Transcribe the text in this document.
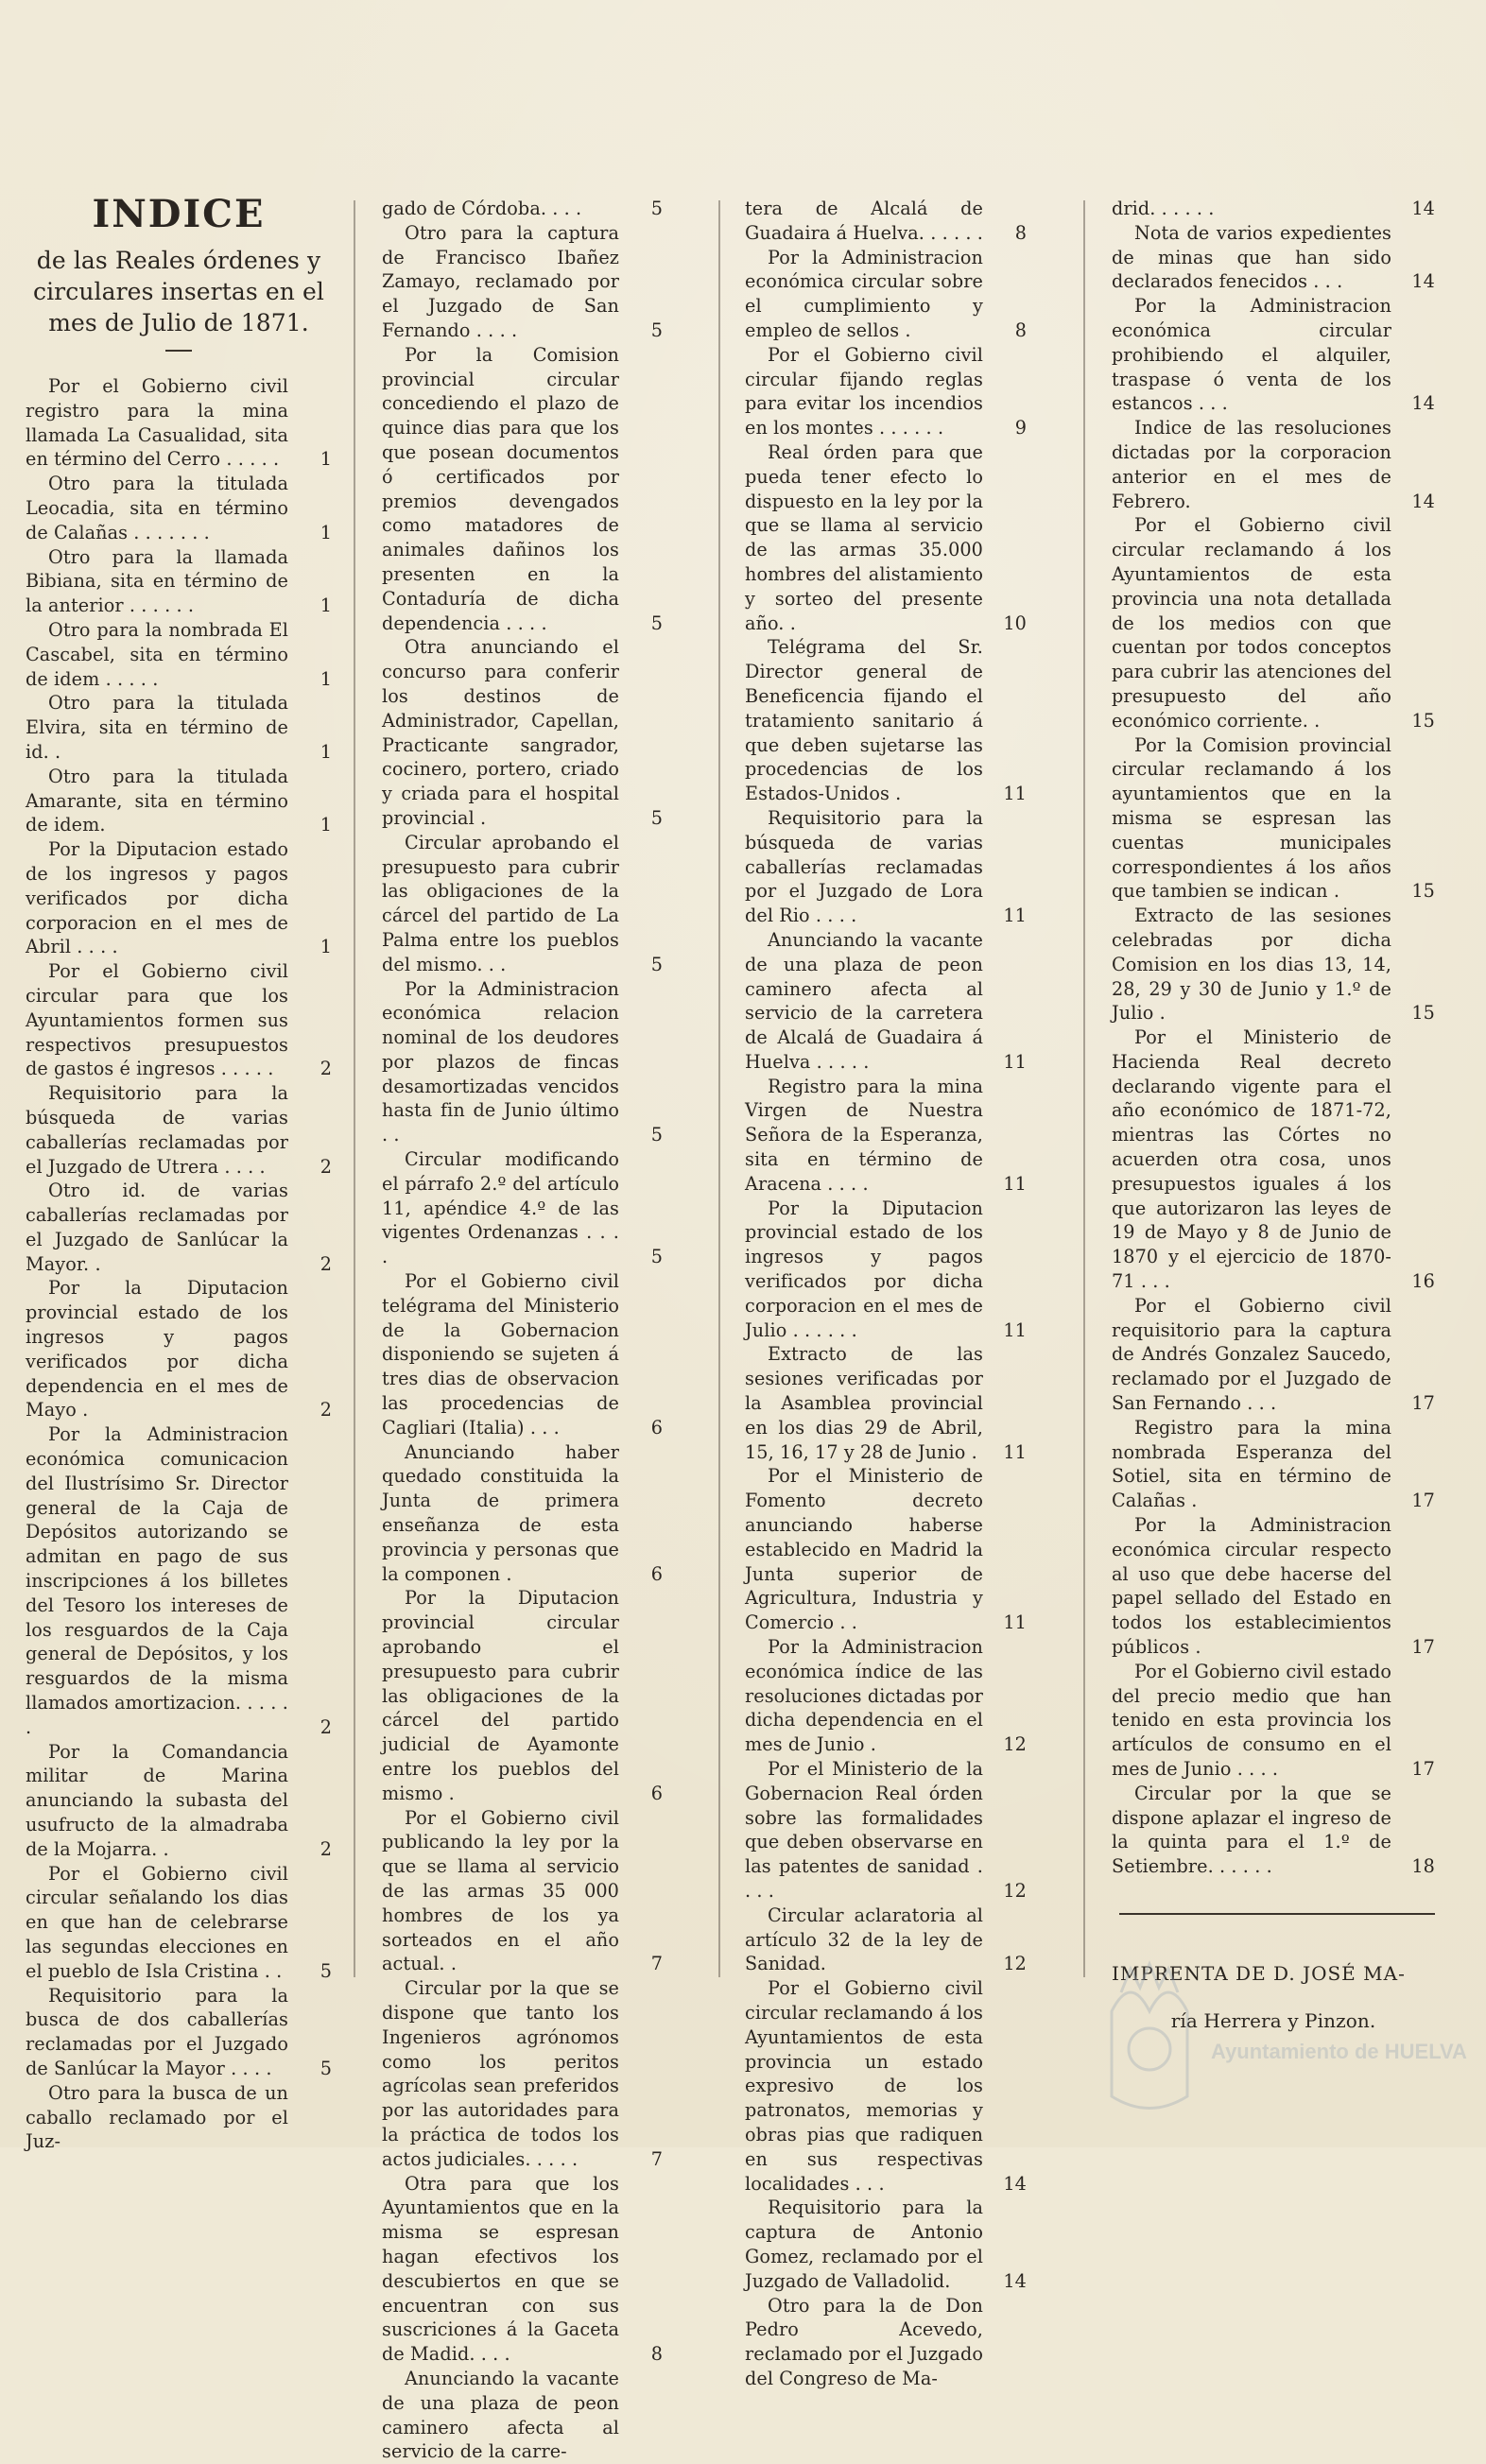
INDICE

de las Reales órdenes y circulares insertas en el mes de Julio de 1871.

Por el Gobierno civil registro para la mina llamada La Casualidad, sita en término del Cerro . . . . .	1

Otro para la titulada Leocadia, sita en término de Calañas . . . . . . .	1

Otro para la llamada Bibiana, sita en término de la anterior . . . . . .	1

Otro para la nombrada El Cascabel, sita en término de idem . . . . .	1

Otro para la titulada Elvira, sita en término de id. .	1

Otro para la titulada Amarante, sita en término de idem.	1

Por la Diputacion estado de los ingresos y pagos verificados por dicha corporacion en el mes de Abril . . . .	1

Por el Gobierno civil circular para que los Ayuntamientos formen sus respectivos presupuestos de gastos é ingresos . . . . .	2

Requisitorio para la búsqueda de varias caballerías reclamadas por el Juzgado de Utrera . . . .	2

Otro id. de varias caballerías reclamadas por el Juzgado de Sanlúcar la Mayor. .	2

Por la Diputacion provincial estado de los ingresos y pagos verificados por dicha dependencia en el mes de Mayo .	2

Por la Administracion económica comunicacion del Ilustrísimo Sr. Director general de la Caja de Depósitos autorizando se admitan en pago de sus inscripciones á los billetes del Tesoro los intereses de los resguardos de la Caja general de Depósitos, y los resguardos de la misma llamados amortizacion. . . . . .	2

Por la Comandancia militar de Marina anunciando la subasta del usufructo de la almadraba de la Mojarra. .	2

Por el Gobierno civil circular señalando los dias en que han de celebrarse las segundas elecciones en el pueblo de Isla Cristina . .	5

Requisitorio para la busca de dos caballerías reclamadas por el Juzgado de Sanlúcar la Mayor . . . .	5

Otro para la busca de un caballo reclamado por el Juz-

gado de Córdoba. . . .	5

Otro para la captura de Francisco Ibañez Zamayo, reclamado por el Juzgado de San Fernando . . . .	5

Por la Comision provincial circular concediendo el plazo de quince dias para que los que posean documentos ó certificados por premios devengados como matadores de animales dañinos los presenten en la Contaduría de dicha dependencia . . . .	5

Otra anunciando el concurso para conferir los destinos de Administrador, Capellan, Practicante sangrador, cocinero, portero, criado y criada para el hospital provincial .	5

Circular aprobando el presupuesto para cubrir las obligaciones de la cárcel del partido de La Palma entre los pueblos del mismo. . .	5

Por la Administracion económica relacion nominal de los deudores por plazos de fincas desamortizadas vencidos hasta fin de Junio último . .	5

Circular modificando el párrafo 2.º del artículo 11, apéndice 4.º de las vigentes Ordenanzas . . . .	5

Por el Gobierno civil telégrama del Ministerio de la Gobernacion disponiendo se sujeten á tres dias de observacion las procedencias de Cagliari (Italia) . . .	6

Anunciando haber quedado constituida la Junta de primera enseñanza de esta provincia y personas que la componen .	6

Por la Diputacion provincial circular aprobando el presupuesto para cubrir las obligaciones de la cárcel del partido judicial de Ayamonte entre los pueblos del mismo .	6

Por el Gobierno civil publicando la ley por la que se llama al servicio de las armas 35 000 hombres de los ya sorteados en el año actual. .	7

Circular por la que se dispone que tanto los Ingenieros agrónomos como los peritos agrícolas sean preferidos por las autoridades para la práctica de todos los actos judiciales. . . . .	7

Otra para que los Ayuntamientos que en la misma se espresan hagan efectivos los descubiertos en que se encuentran con sus suscriciones á la Gaceta de Madid. . . .	8

Anunciando la vacante de una plaza de peon caminero afecta al servicio de la carre-

tera de Alcalá de Guadaira á Huelva. . . . . .	8

Por la Administracion económica circular sobre el cumplimiento y empleo de sellos .	8

Por el Gobierno civil circular fijando reglas para evitar los incendios en los montes . . . . . .	9

Real órden para que pueda tener efecto lo dispuesto en la ley por la que se llama al servicio de las armas 35.000 hombres del alistamiento y sorteo del presente año. .	10

Telégrama del Sr. Director general de Beneficencia fijando el tratamiento sanitario á que deben sujetarse las procedencias de los Estados-Unidos .	11

Requisitorio para la búsqueda de varias caballerías reclamadas por el Juzgado de Lora del Rio . . . .	11

Anunciando la vacante de una plaza de peon caminero afecta al servicio de la carretera de Alcalá de Guadaira á Huelva . . . . .	11

Registro para la mina Virgen de Nuestra Señora de la Esperanza, sita en término de Aracena . . . .	11

Por la Diputacion provincial estado de los ingresos y pagos verificados por dicha corporacion en el mes de Julio . . . . . .	11

Extracto de las sesiones verificadas por la Asamblea provincial en los dias 29 de Abril, 15, 16, 17 y 28 de Junio .	11

Por el Ministerio de Fomento decreto anunciando haberse establecido en Madrid la Junta superior de Agricultura, Industria y Comercio . .	11

Por la Administracion económica índice de las resoluciones dictadas por dicha dependencia en el mes de Junio .	12

Por el Ministerio de la Gobernacion Real órden sobre las formalidades que deben observarse en las patentes de sanidad . . . .	12

Circular aclaratoria al artículo 32 de la ley de Sanidad.	12

Por el Gobierno civil circular reclamando á los Ayuntamientos de esta provincia un estado expresivo de los patronatos, memorias y obras pias que radiquen en sus respectivas localidades . . .	14

Requisitorio para la captura de Antonio Gomez, reclamado por el Juzgado de Valladolid.	14

Otro para la de Don Pedro Acevedo, reclamado por el Juzgado del Congreso de Ma-

drid. . . . . .	14

Nota de varios expedientes de minas que han sido declarados fenecidos . . .	14

Por la Administracion económica circular prohibiendo el alquiler, traspase ó venta de los estancos . . .	14

Indice de las resoluciones dictadas por la corporacion anterior en el mes de Febrero.	14

Por el Gobierno civil circular reclamando á los Ayuntamientos de esta provincia una nota detallada de los medios con que cuentan por todos conceptos para cubrir las atenciones del presupuesto del año económico corriente. .	15

Por la Comision provincial circular reclamando á los ayuntamientos que en la misma se espresan las cuentas municipales correspondientes á los años que tambien se indican .	15

Extracto de las sesiones celebradas por dicha Comision en los dias 13, 14, 28, 29 y 30 de Junio y 1.º de Julio .	15

Por el Ministerio de Hacienda Real decreto declarando vigente para el año económico de 1871-72, mientras las Córtes no acuerden otra cosa, unos presupuestos iguales á los que autorizaron las leyes de 19 de Mayo y 8 de Junio de 1870 y el ejercicio de 1870-71 . . .	16

Por el Gobierno civil requisitorio para la captura de Andrés Gonzalez Saucedo, reclamado por el Juzgado de San Fernando . . .	17

Registro para la mina nombrada Esperanza del Sotiel, sita en término de Calañas .	17

Por la Administracion económica circular respecto al uso que debe hacerse del papel sellado del Estado en todos los establecimientos públicos .	17

Por el Gobierno civil estado del precio medio que han tenido en esta provincia los artículos de consumo en el mes de Junio . . . .	17

Circular por la que se dispone aplazar el ingreso de la quinta para el 1.º de Setiembre. . . . . .	18

IMPRENTA DE D. JOSÉ MA-

ría Herrera y Pinzon.

Ayuntamiento de HUELVA
